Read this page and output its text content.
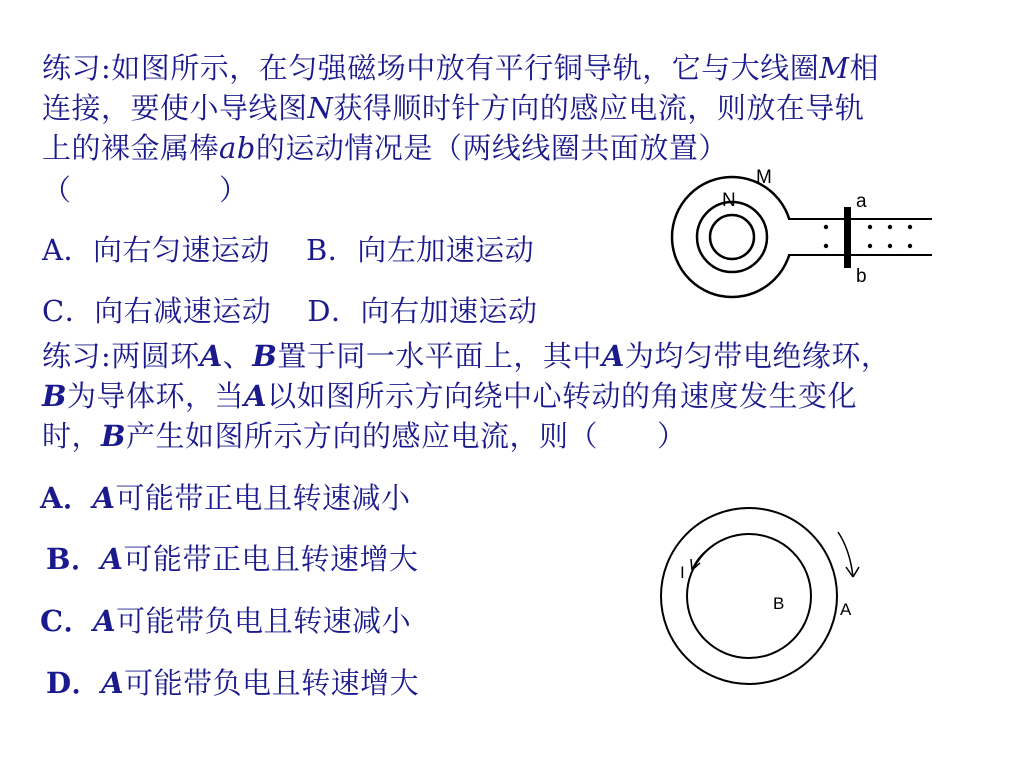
练习:如图所示，在匀强磁场中放有平行铜导轨，它与大线圈M相
连接，要使小导线图N获得顺时针方向的感应电流，则放在导轨
上的裸金属棒ab的运动情况是（两线线圈共面放置）
（　　　　　）
A．向右匀速运动 B．向左加速运动
C．向右减速运动 D．向右加速运动
M
N	a
b
练习:两圆环A、B置于同一水平面上，其中A为均匀带电绝缘环，
B为导体环，当A以如图所示方向绕中心转动的角速度发生变化
时，B产生如图所示方向的感应电流，则（　　）
A．A可能带正电且转速减小
B．A可能带正电且转速增大
C．A可能带负电且转速减小
D．A可能带负电且转速增大
I
B	A
